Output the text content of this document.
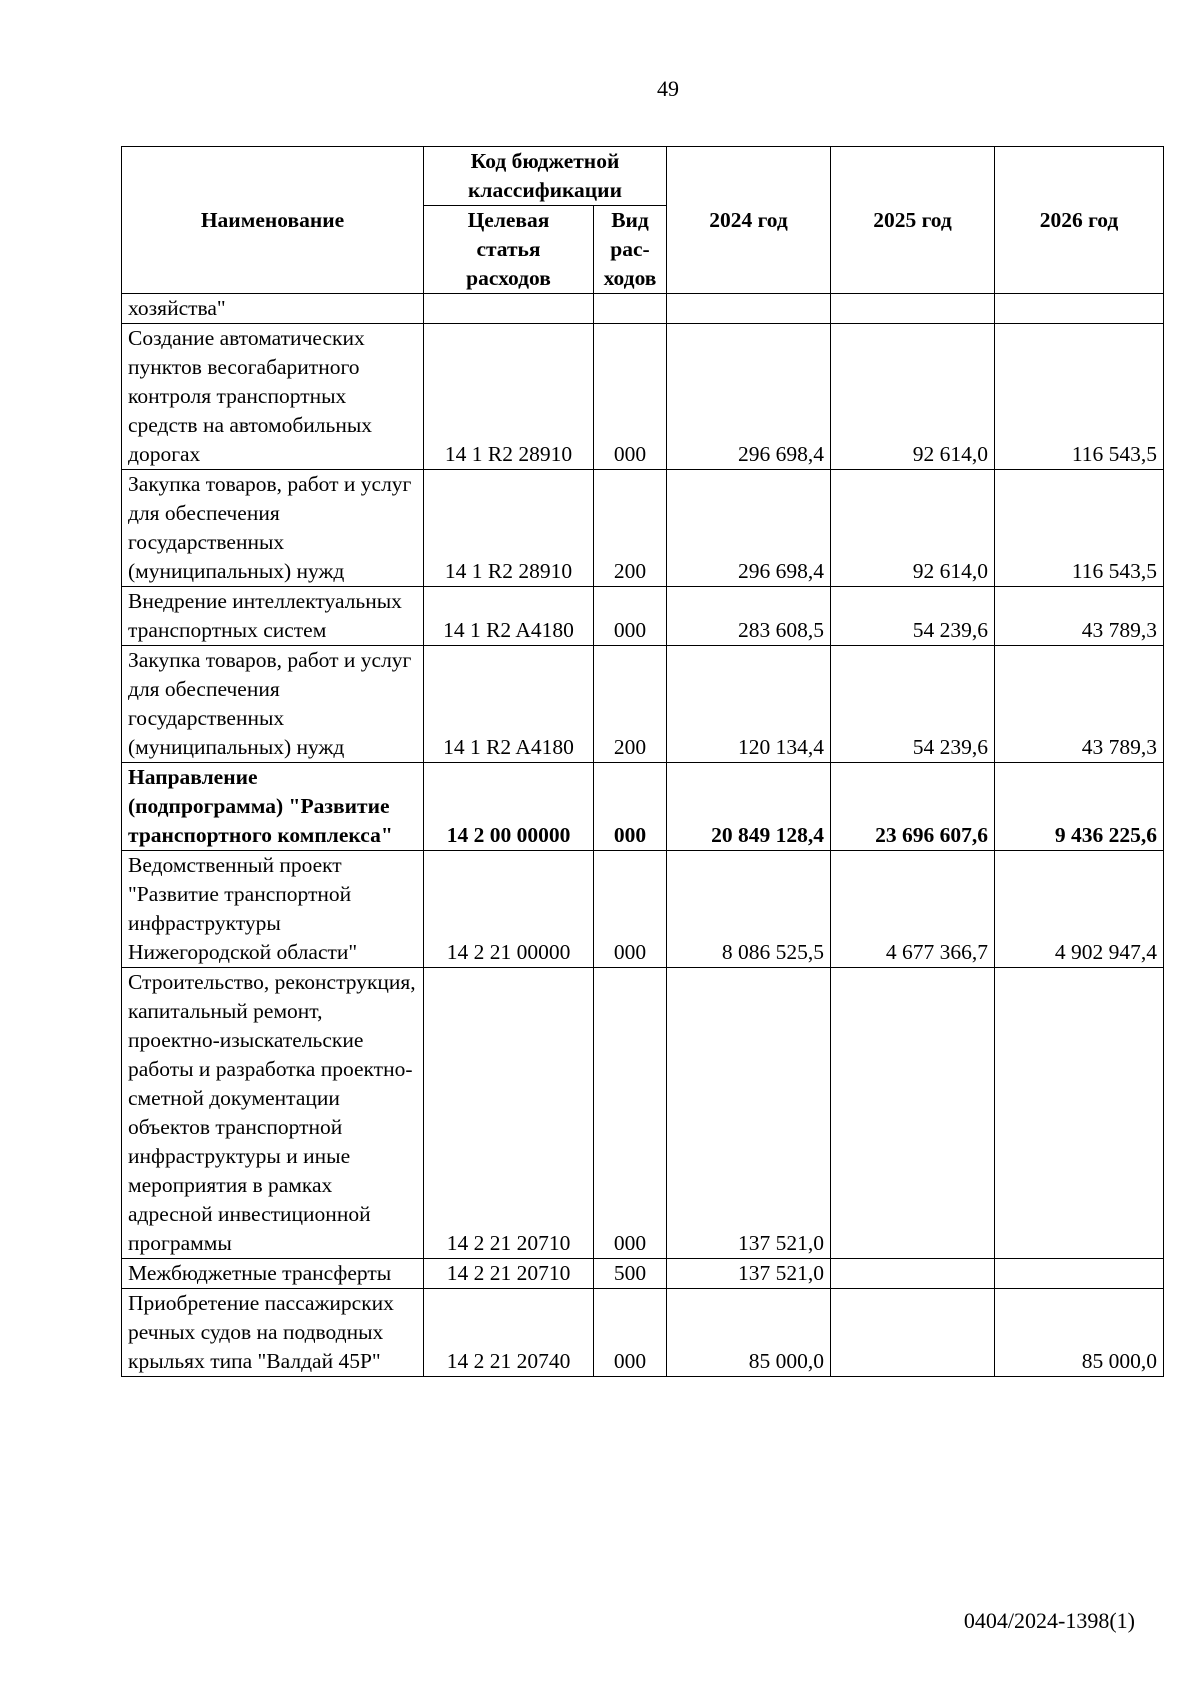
49
Наименование	Код бюджетной классификации		2024 год	2025 год	2026 год
	Целевая статья расходов	Вид рас-ходов			
хозяйства"					
Создание автоматических пунктов весогабаритного контроля транспортных средств на автомобильных дорогах	14 1 R2 28910	000	296 698,4	92 614,0	116 543,5
Закупка товаров, работ и услуг для обеспечения государственных (муниципальных) нужд	14 1 R2 28910	200	296 698,4	92 614,0	116 543,5
Внедрение интеллектуальных транспортных систем	14 1 R2 A4180	000	283 608,5	54 239,6	43 789,3
Закупка товаров, работ и услуг для обеспечения государственных (муниципальных) нужд	14 1 R2 A4180	200	120 134,4	54 239,6	43 789,3
Направление (подпрограмма) "Развитие транспортного комплекса"	14 2 00 00000	000	20 849 128,4	23 696 607,6	9 436 225,6
Ведомственный проект "Развитие транспортной инфраструктуры Нижегородской области"	14 2 21 00000	000	8 086 525,5	4 677 366,7	4 902 947,4
Строительство, реконструкция, капитальный ремонт, проектно-изыскательские работы и разработка проектно-сметной документации объектов транспортной инфраструктуры и иные мероприятия в рамках адресной инвестиционной программы	14 2 21 20710	000	137 521,0		
Межбюджетные трансферты	14 2 21 20710	500	137 521,0		
Приобретение пассажирских речных судов на подводных крыльях типа "Валдай 45Р"	14 2 21 20740	000	85 000,0		85 000,0
0404/2024-1398(1)
